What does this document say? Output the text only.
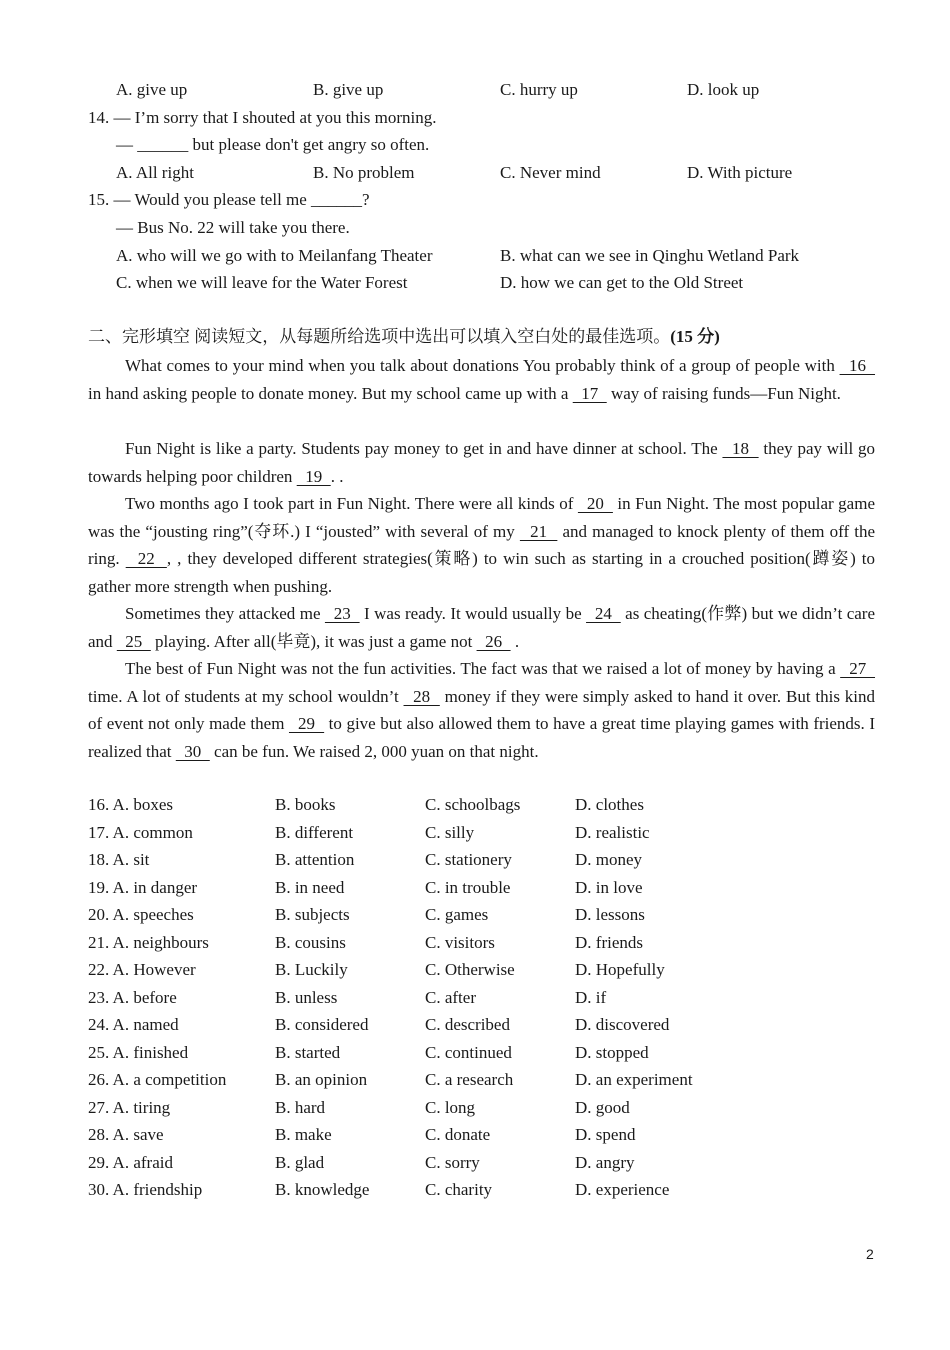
A. give up	B. give up	C. hurry up	D. look up
14. — I’m sorry that I shouted at you this morning.
— ______ but please don't get angry so often.
A. All right	B. No problem	C. Never mind	D. With picture
15. — Would you please tell me ______?
— Bus No. 22 will take you there.
A. who will we go with to Meilanfang Theater	B. what can we see in Qinghu Wetland Park
C. when we will leave for the Water Forest	D. how we can get to the Old Street
二、完形填空 阅读短文，从每题所给选项中选出可以填入空白处的最佳选项。(15 分)

What comes to your mind when you talk about donations You probably think of a group of people with   16   in hand asking people to donate money. But my school came up with a   17   way of raising funds—Fun Night.

Fun Night is like a party. Students pay money to get in and have dinner at school. The   18   they pay will go towards helping poor children   19  . .

Two months ago I took part in Fun Night. There were all kinds of   20   in Fun Night. The most popular game was the “jousting ring”(夺环.) I “jousted” with several of my   21   and managed to knock plenty of them off the ring.   22  , , they developed different strategies(策略) to win such as starting in a crouched position(蹲姿) to gather more strength when pushing.

Sometimes they attacked me   23   I was ready. It would usually be   24   as cheating(作弊) but we didn’t care and   25   playing. After all(毕竟), it was just a game not   26   .

The best of Fun Night was not the fun activities. The fact was that we raised a lot of money by having a   27   time. A lot of students at my school wouldn’t   28   money if they were simply asked to hand it over. But this kind of event not only made them   29   to give but also allowed them to have a great time playing games with friends. I realized that   30   can be fun. We raised 2, 000 yuan on that night.

16. A. boxes	B. books	C. schoolbags	D. clothes
17. A. common	B. different	C. silly	D. realistic
18. A. sit	B. attention	C. stationery	D. money
19. A. in danger	B. in need	C. in trouble	D. in love
20. A. speeches	B. subjects	C. games	D. lessons
21. A. neighbours	B. cousins	C. visitors	D. friends
22. A. However	B. Luckily	C. Otherwise	D. Hopefully
23. A. before	B. unless	C. after	D. if
24. A. named	B. considered	C. described	D. discovered
25. A. finished	B. started	C. continued	D. stopped
26. A. a competition	B. an opinion	C. a research	D. an experiment
27. A. tiring	B. hard	C. long	D. good
28. A. save	B. make	C. donate	D. spend
29. A. afraid	B. glad	C. sorry	D. angry
30. A. friendship	B. knowledge	C. charity	D. experience
2
